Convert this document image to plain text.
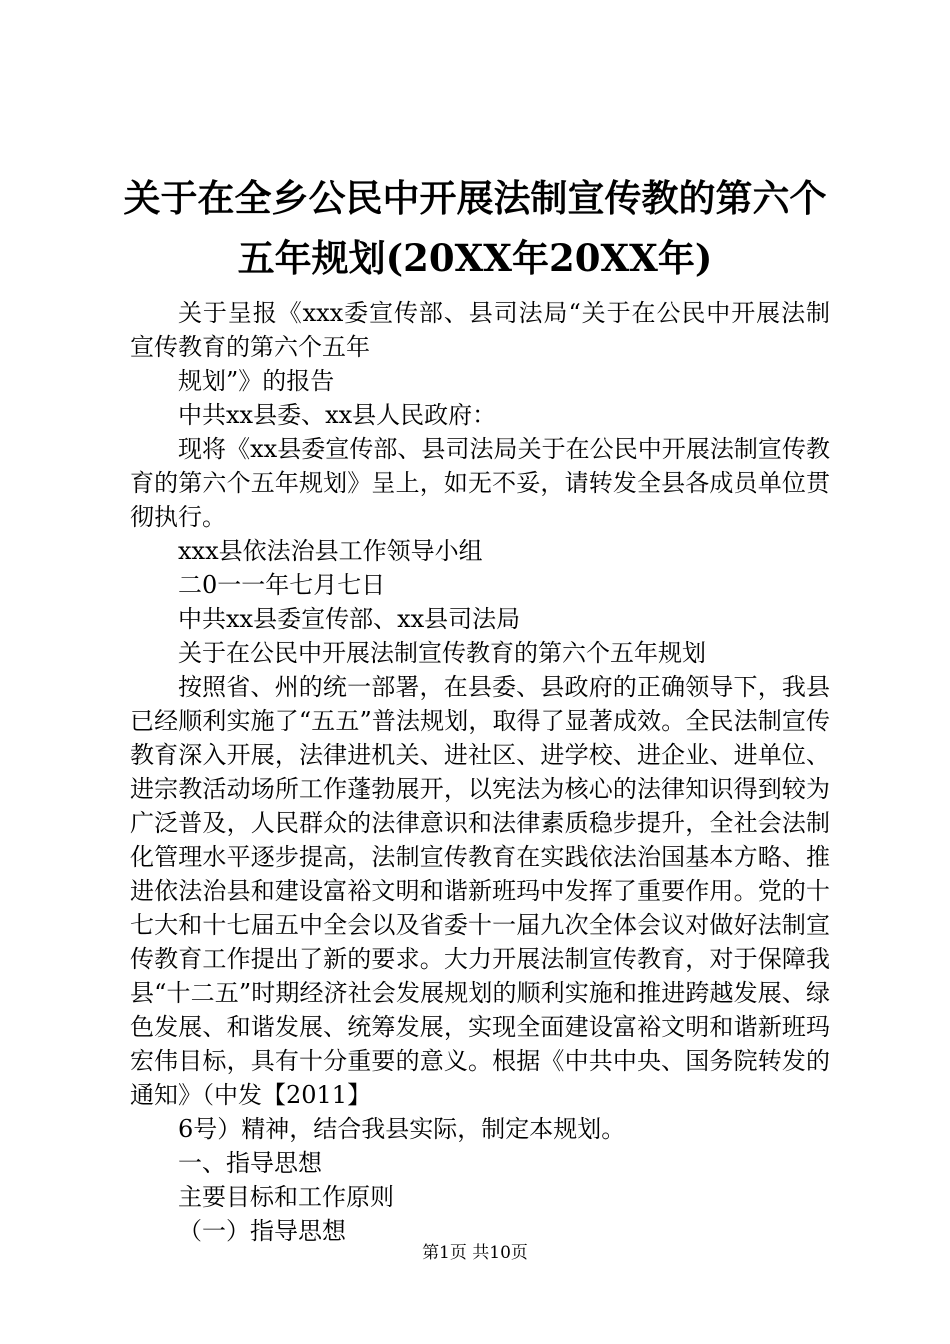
关于在全乡公民中开展法制宣传教的第六个五年规划(20XX年20XX年)

关于呈报《xxx委宣传部、县司法局“关于在公民中开展法制宣传教育的第六个五年

规划”》的报告

中共xx县委、xx县人民政府：

现将《xx县委宣传部、县司法局关于在公民中开展法制宣传教育的第六个五年规划》呈上，如无不妥，请转发全县各成员单位贯彻执行。

xxx县依法治县工作领导小组

二0一一年七月七日

中共xx县委宣传部、xx县司法局

关于在公民中开展法制宣传教育的第六个五年规划

按照省、州的统一部署，在县委、县政府的正确领导下，我县已经顺利实施了“五五”普法规划，取得了显著成效。全民法制宣传教育深入开展，法律进机关、进社区、进学校、进企业、进单位、进宗教活动场所工作蓬勃展开，以宪法为核心的法律知识得到较为广泛普及，人民群众的法律意识和法律素质稳步提升，全社会法制化管理水平逐步提高，法制宣传教育在实践依法治国基本方略、推进依法治县和建设富裕文明和谐新班玛中发挥了重要作用。党的十七大和十七届五中全会以及省委十一届九次全体会议对做好法制宣传教育工作提出了新的要求。大力开展法制宣传教育，对于保障我县“十二五”时期经济社会发展规划的顺利实施和推进跨越发展、绿色发展、和谐发展、统筹发展，实现全面建设富裕文明和谐新班玛宏伟目标，具有十分重要的意义。根据《中共中央、国务院转发的通知》（中发【2011】

6号）精神，结合我县实际，制定本规划。

一、指导思想

主要目标和工作原则

（一）指导思想

第1页 共10页
